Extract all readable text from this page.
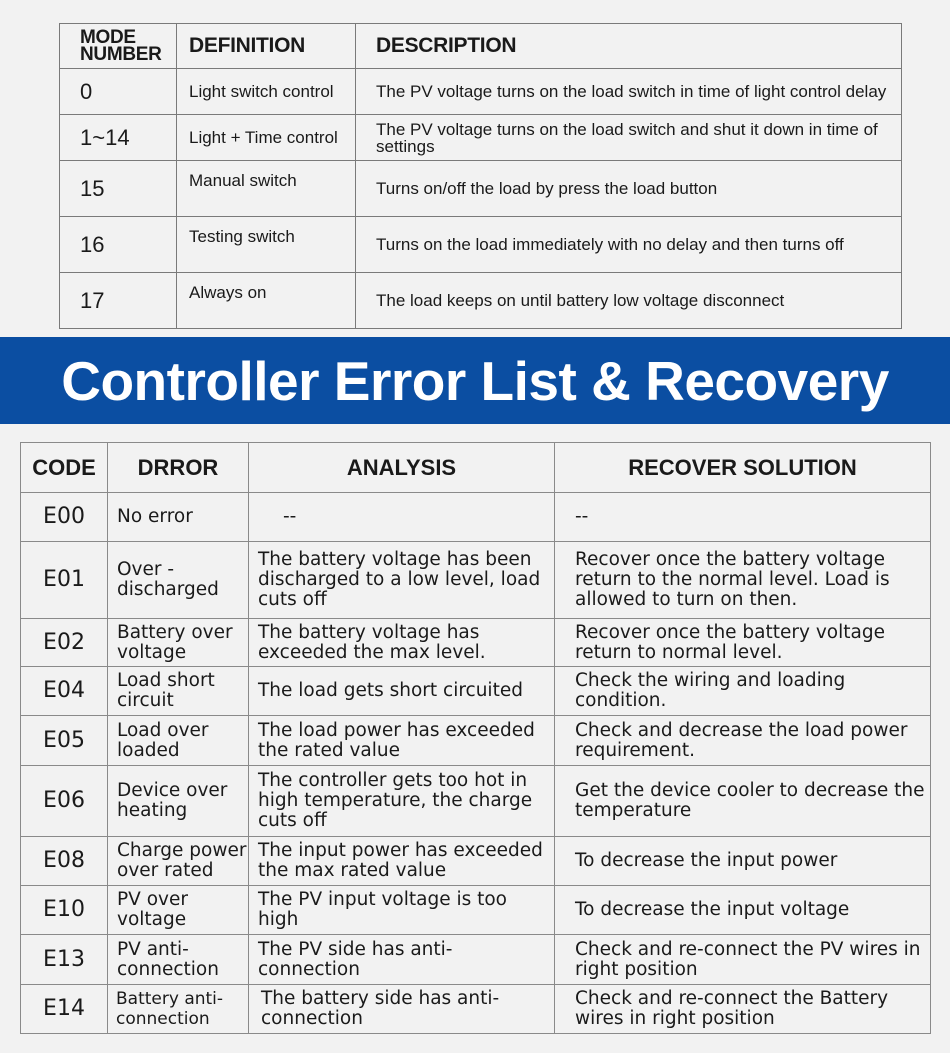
MODE
NUMBER	DEFINITION	DESCRIPTION
0	Light switch control	The PV voltage turns on the load switch in time of light control delay
1~14	Light + Time control	The PV voltage turns on the load switch and shut it down in time of settings
15	Manual switch	Turns on/off the load by press the load button
16	Testing switch	Turns on the load immediately with no delay and then turns off
17	Always on	The load keeps on until battery low voltage disconnect
Controller Error List & Recovery
CODE	DRROR	ANALYSIS	RECOVER SOLUTION
E00	No error	--	--
E01	Over -discharged	The battery voltage has been discharged to a low level, load cuts off	Recover once the battery voltage return to the normal level. Load is allowed to turn on then.
E02	Battery over voltage	The battery voltage has exceeded the max level.	Recover once the battery voltage return to normal level.
E04	Load short circuit	The load gets short circuited	Check the wiring and loading condition.
E05	Load over loaded	The load power has exceeded the rated value	Check and decrease the load power requirement.
E06	Device over heating	The controller gets too hot in high temperature, the charge cuts off	Get the device cooler to decrease the temperature
E08	Charge power over rated	The input power has exceeded the max rated value	To decrease the input power
E10	PV over voltage	The PV input voltage is too high	To decrease the input voltage
E13	PV anti-connection	The PV side has anti-connection	Check and re-connect the PV wires in right position
E14	Battery anti-connection	The battery side has anti-connection	Check and re-connect the Battery wires in right position
